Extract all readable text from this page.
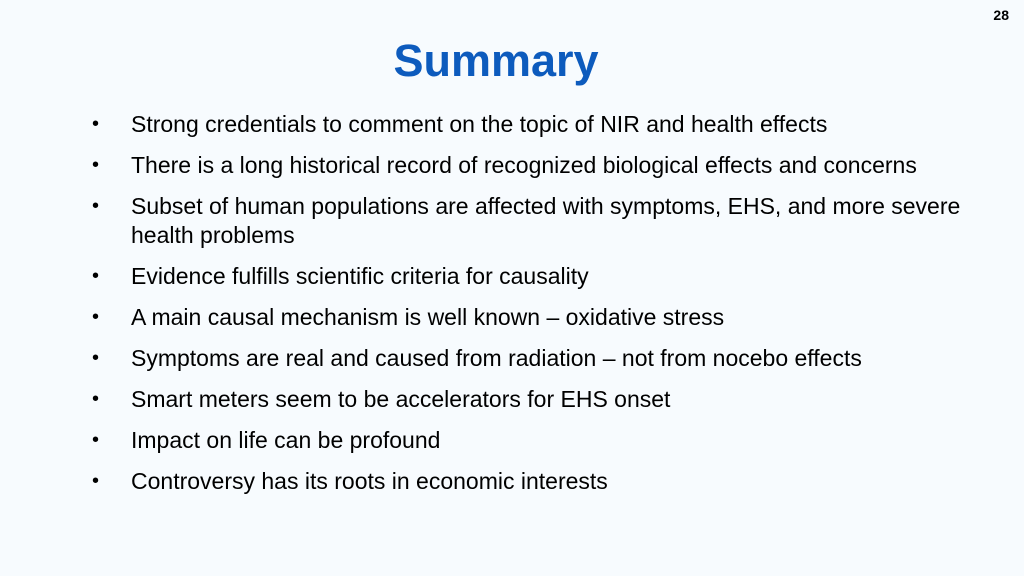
28
Summary
• Strong credentials to comment on the topic of NIR and health effects
• There is a long historical record of recognized biological effects and concerns
• Subset of human populations are affected with symptoms, EHS, and more severe health problems
• Evidence fulfills scientific criteria for causality
• A main causal mechanism is well known – oxidative stress
• Symptoms are real and caused from radiation – not from nocebo effects
• Smart meters seem to be accelerators for EHS onset
• Impact on life can be profound
• Controversy has its roots in economic interests
